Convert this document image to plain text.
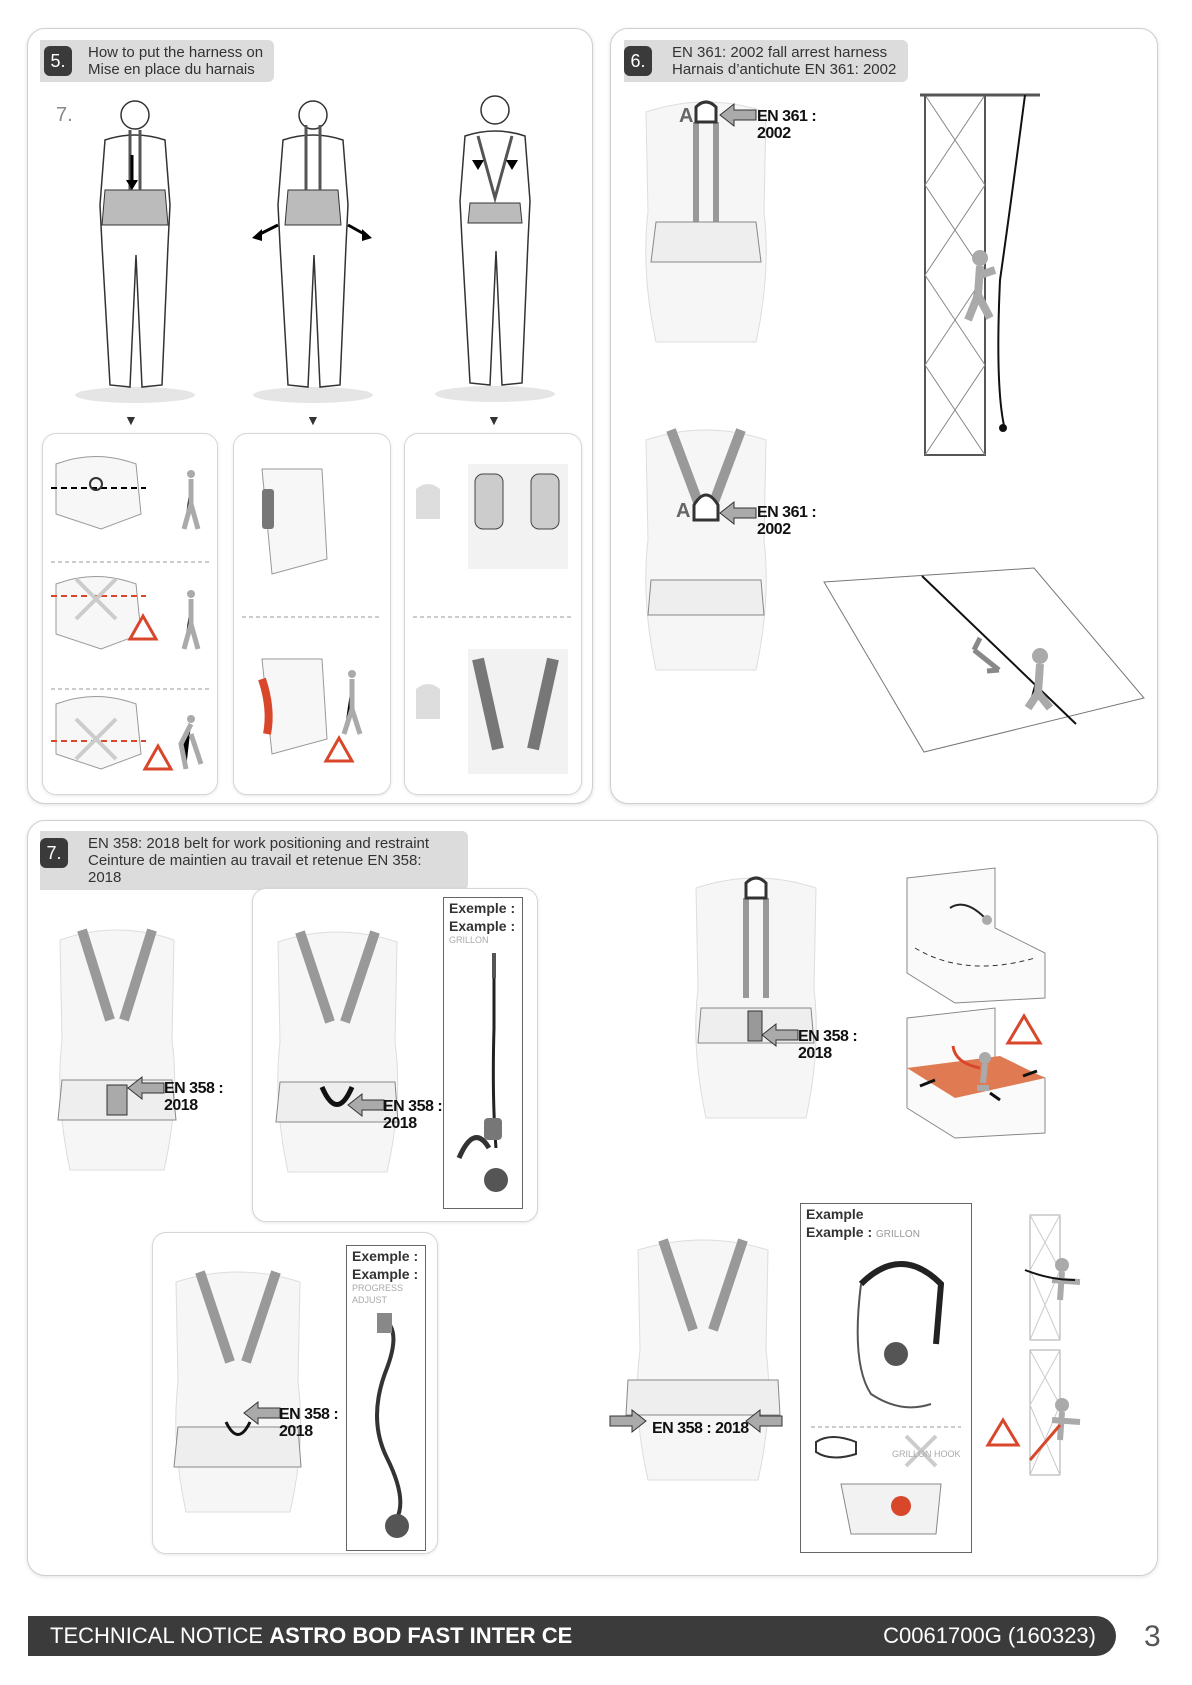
How to put the harness on
Mise en place du harnais
5.
7.
▼	▼	▼
EN 361: 2002 fall arrest harness
Harnais d’antichute EN 361: 2002
6.
A	EN 361 :
2002
A	EN 361 :
2002
EN 358: 2018 belt for work positioning and restraint
Ceinture de maintien au travail et retenue EN 358: 2018
7.
EN 358 :
2018	EN 358 :
2018
Exemple :
Example :
GRILLON
EN 358 :
2018
Exemple :
Example :
PROGRESS
ADJUST
EN 358 :
2018
EN 358 : 2018
Example
Example : GRILLON
GRILLON HOOK
TECHNICAL NOTICE ASTRO BOD FAST INTER CE	C0061700G (160323) 3
